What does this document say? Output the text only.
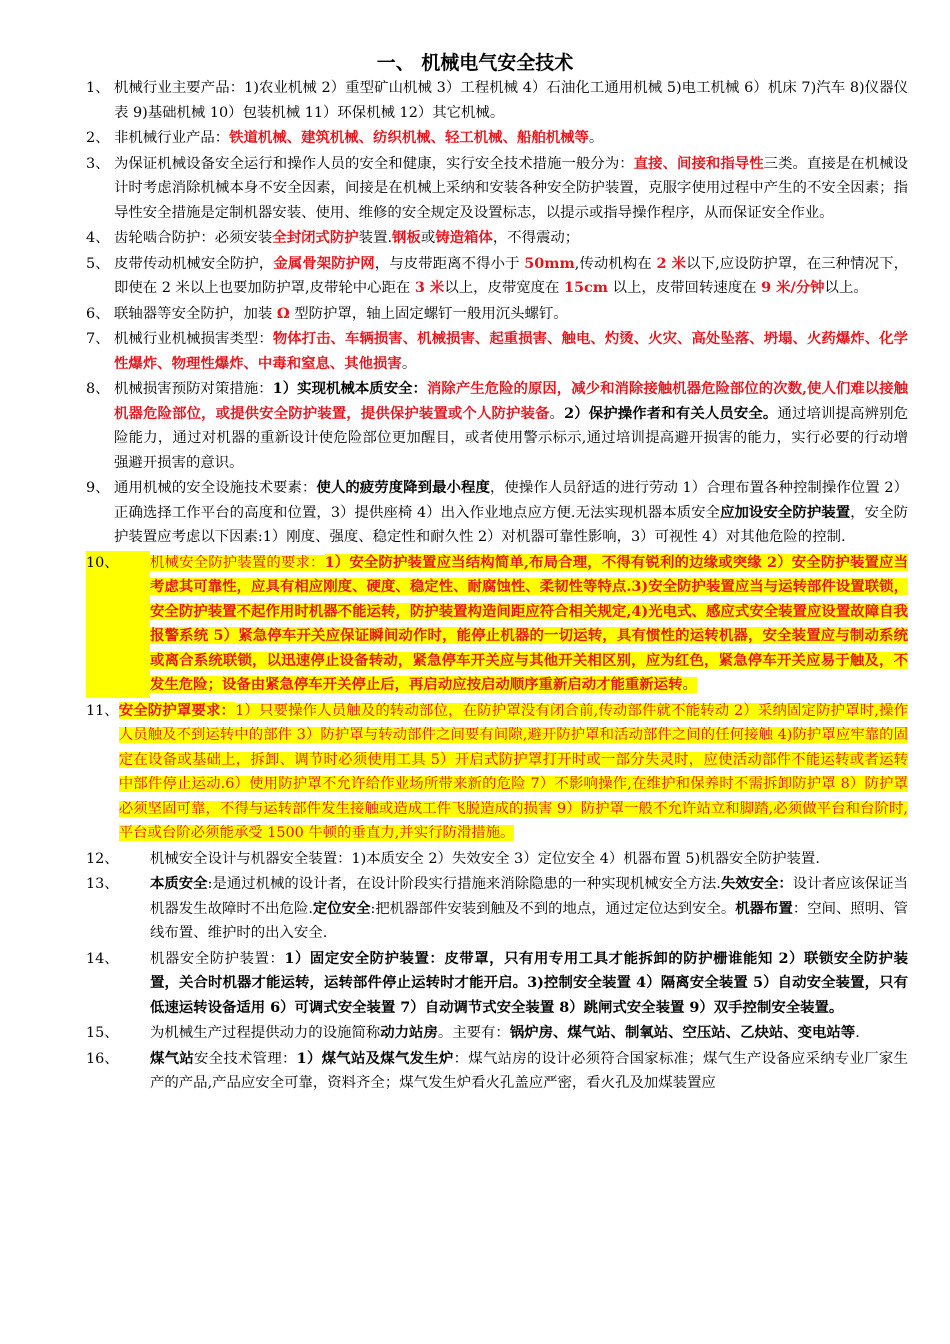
一、 机械电气安全技术
1、 机械行业主要产品：1)农业机械 2）重型矿山机械 3）工程机械 4）石油化工通用机械 5)电工机械 6）机床 7)汽车 8)仪器仪表 9)基础机械 10）包装机械 11）环保机械 12）其它机械。
2、 非机械行业产品：铁道机械、建筑机械、纺织机械、轻工机械、船舶机械等。
3、 为保证机械设备安全运行和操作人员的安全和健康，实行安全技术措施一般分为：直接、间接和指导性三类。直接是在机械设计时考虑消除机械本身不安全因素，间接是在机械上采纳和安装各种安全防护装置，克服字使用过程中产生的不安全因素；指导性安全措施是定制机器安装、使用、维修的安全规定及设置标志，以提示或指导操作程序，从而保证安全作业。
4、 齿轮啮合防护：必须安装全封闭式防护装置.钢板或铸造箱体，不得震动；
5、 皮带传动机械安全防护，金属骨架防护网，与皮带距离不得小于 50mm,传动机构在 2 米以下,应设防护罩，在三种情况下，即使在 2 米以上也要加防护罩,皮带轮中心距在 3 米以上，皮带宽度在 15cm 以上，皮带回转速度在 9 米/分钟以上。
6、 联轴器等安全防护，加装 Ω 型防护罩，轴上固定螺钉一般用沉头螺钉。
7、 机械行业机械损害类型：物体打击、车辆损害、机械损害、起重损害、触电、灼烫、火灾、高处坠落、坍塌、火药爆炸、化学性爆炸、物理性爆炸、中毒和窒息、其他损害。
8、 机械损害预防对策措施：1）实现机械本质安全：消除产生危险的原因，减少和消除接触机器危险部位的次数,使人们难以接触机器危险部位，或提供安全防护装置，提供保护装置或个人防护装备。2）保护操作者和有关人员安全。通过培训提高辨别危险能力，通过对机器的重新设计使危险部位更加醒目，或者使用警示标示,通过培训提高避开损害的能力，实行必要的行动增强避开损害的意识。
9、 通用机械的安全设施技术要素：使人的疲劳度降到最小程度，使操作人员舒适的进行劳动 1）合理布置各种控制操作位置 2）正确选择工作平台的高度和位置，3）提供座椅 4）出入作业地点应方便.无法实现机器本质安全应加设安全防护装置，安全防护装置应考虑以下因素:1）刚度、强度、稳定性和耐久性 2）对机器可靠性影响，3）可视性 4）对其他危险的控制.
10、	机械安全防护装置的要求：1）安全防护装置应当结构简单,布局合理，不得有锐利的边缘或突缘 2）安全防护装置应当考虑其可靠性，应具有相应刚度、硬度、稳定性、耐腐蚀性、柔韧性等特点.3)安全防护装置应当与运转部件设置联锁，安全防护装置不起作用时机器不能运转，防护装置构造间距应符合相关规定,4)光电式、感应式安全装置应设置故障自我报警系统 5）紧急停车开关应保证瞬间动作时，能停止机器的一切运转，具有惯性的运转机器，安全装置应与制动系统或离合系统联锁，以迅速停止设备转动，紧急停车开关应与其他开关相区别，应为红色，紧急停车开关应易于触及，不发生危险；设备由紧急停车开关停止后，再启动应按启动顺序重新启动才能重新运转。
11、 安全防护罩要求：1）只要操作人员触及的转动部位，在防护罩没有闭合前,传动部件就不能转动 2）采纳固定防护罩时,操作人员触及不到运转中的部件 3）防护罩与转动部件之间要有间隙,避开防护罩和活动部件之间的任何接触 4)防护罩应牢靠的固定在设备或基础上，拆卸、调节时必须使用工具 5）开启式防护罩打开时或一部分失灵时，应使活动部件不能运转或者运转中部件停止运动.6）使用防护罩不允许给作业场所带来新的危险 7）不影响操作,在维护和保养时不需拆卸防护罩 8）防护罩必须坚固可靠，不得与运转部件发生接触或造成工件飞脱造成的损害 9）防护罩一般不允许站立和脚踏,必须做平台和台阶时,平台或台阶必须能承受 1500 牛顿的垂直力,并实行防滑措施。
12、	机械安全设计与机器安全装置：1)本质安全 2）失效安全 3）定位安全 4）机器布置 5)机器安全防护装置.
13、	本质安全:是通过机械的设计者，在设计阶段实行措施来消除隐患的一种实现机械安全方法.失效安全：设计者应该保证当机器发生故障时不出危险.定位安全:把机器部件安装到触及不到的地点，通过定位达到安全。机器布置：空间、照明、管线布置、维护时的出入安全.
14、	机器安全防护装置：1）固定安全防护装置：皮带罩，只有用专用工具才能拆卸的防护栅谁能知 2）联锁安全防护装置，关合时机器才能运转，运转部件停止运转时才能开启。3)控制安全装置 4）隔离安全装置 5）自动安全装置，只有低速运转设备适用 6）可调式安全装置 7）自动调节式安全装置 8）跳闸式安全装置 9）双手控制安全装置。
15、	为机械生产过程提供动力的设施简称动力站房。主要有：锅炉房、煤气站、制氧站、空压站、乙炔站、变电站等.
16、	煤气站安全技术管理：1）煤气站及煤气发生炉：煤气站房的设计必须符合国家标准；煤气生产设备应采纳专业厂家生产的产品,产品应安全可靠，资料齐全；煤气发生炉看火孔盖应严密，看火孔及加煤装置应
